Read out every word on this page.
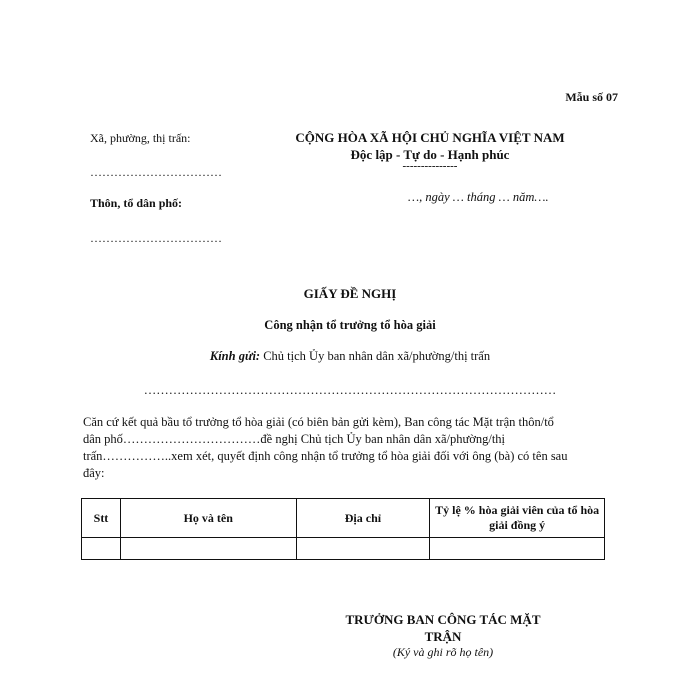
Mẫu số 07
Xã, phường, thị trấn:
……………………………
Thôn, tổ dân phố:
……………………………
CỘNG HÒA XÃ HỘI CHỦ NGHĨA VIỆT NAM
Độc lập - Tự do - Hạnh phúc
---------------
…, ngày … tháng … năm….
GIẤY ĐỀ NGHỊ
Công nhận tổ trưởng tổ hòa giải
Kính gửi: Chủ tịch Ủy ban nhân dân xã/phường/thị trấn
………………………………………………………………………………………
Căn cứ kết quả bầu tổ trưởng tổ hòa giải (có biên bản gửi kèm), Ban công tác Mặt trận thôn/tổ
dân phố……………………………đề nghị Chủ tịch Ủy ban nhân dân xã/phường/thị
trấn……………..xem xét, quyết định công nhận tổ trưởng tổ hòa giải đối với ông (bà) có tên sau
đây:
Stt	Họ và tên	Địa chỉ	Tỷ lệ % hòa giải viên của tổ hòa giải đồng ý

TRƯỞNG BAN CÔNG TÁC MẶT TRẬN
(Ký và ghi rõ họ tên)
